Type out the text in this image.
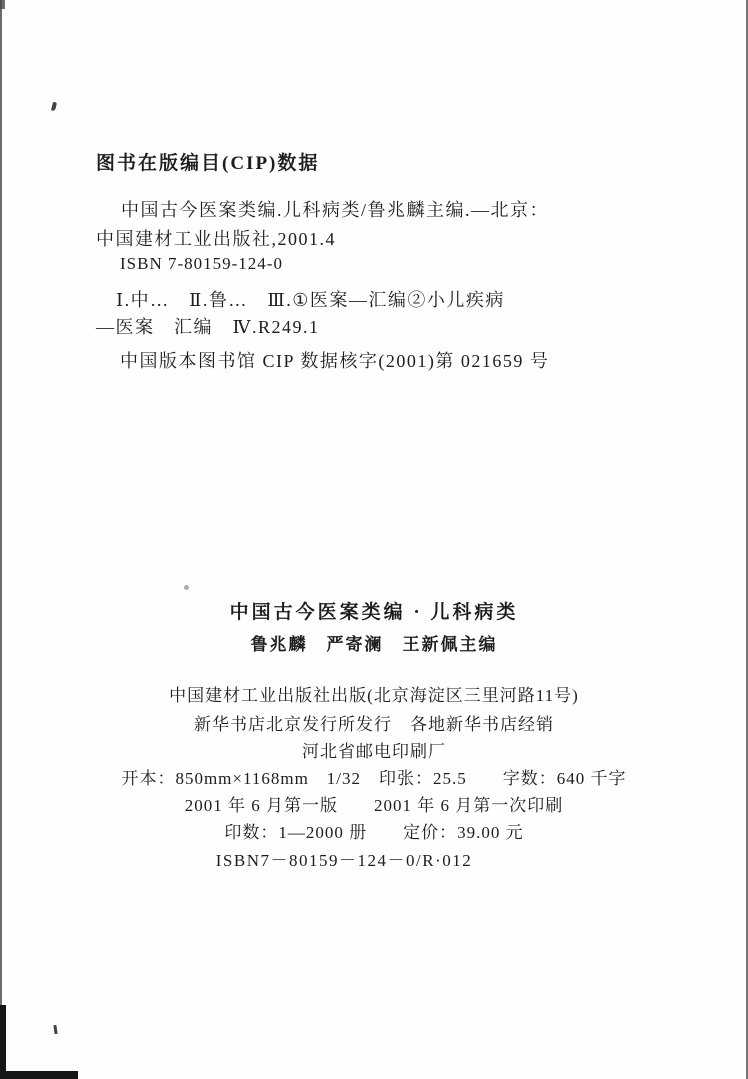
图书在版编目(CIP)数据
中国古今医案类编.儿科病类/鲁兆麟主编.—北京：
中国建材工业出版社,2001.4
ISBN 7-80159-124-0
Ⅰ.中…　Ⅱ.鲁…　Ⅲ.①医案—汇编②小儿疾病
—医案　汇编　Ⅳ.R249.1
中国版本图书馆 CIP 数据核字(2001)第 021659 号
中国古今医案类编 · 儿科病类
鲁兆麟　严寄澜　王新佩主编
中国建材工业出版社出版(北京海淀区三里河路11号)
新华书店北京发行所发行　各地新华书店经销
河北省邮电印刷厂
开本：850mm×1168mm　1/32　印张：25.5　　字数：640 千字
2001 年 6 月第一版　　2001 年 6 月第一次印刷
印数：1—2000 册　　定价：39.00 元
ISBN7－80159－124－0/R·012
